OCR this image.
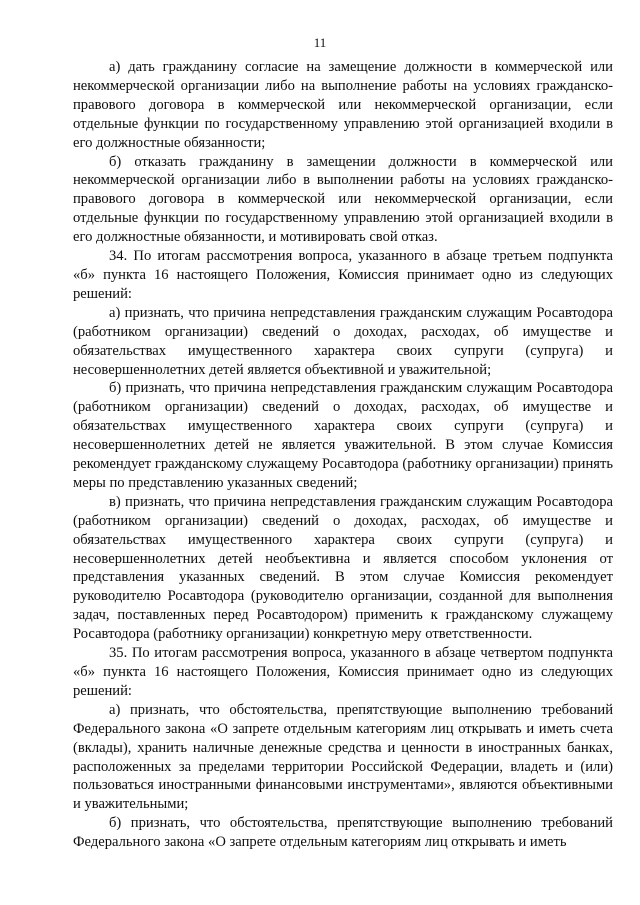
11

а) дать гражданину согласие на замещение должности в коммерческой или некоммерческой организации либо на выполнение работы на условиях гражданско-правового договора в коммерческой или некоммерческой организации, если отдельные функции по государственному управлению этой организацией входили в его должностные обязанности;

б) отказать гражданину в замещении должности в коммерческой или некоммерческой организации либо в выполнении работы на условиях гражданско-правового договора в коммерческой или некоммерческой организации, если отдельные функции по государственному управлению этой организацией входили в его должностные обязанности, и мотивировать свой отказ.

34. По итогам рассмотрения вопроса, указанного в абзаце третьем подпункта «б» пункта 16 настоящего Положения, Комиссия принимает одно из следующих решений:

а) признать, что причина непредставления гражданским служащим Росавтодора (работником организации) сведений о доходах, расходах, об имуществе и обязательствах имущественного характера своих супруги (супруга) и несовершеннолетних детей является объективной и уважительной;

б) признать, что причина непредставления гражданским служащим Росавтодора (работником организации) сведений о доходах, расходах, об имуществе и обязательствах имущественного характера своих супруги (супруга) и несовершеннолетних детей не является уважительной. В этом случае Комиссия рекомендует гражданскому служащему Росавтодора (работнику организации) принять меры по представлению указанных сведений;

в) признать, что причина непредставления гражданским служащим Росавтодора (работником организации) сведений о доходах, расходах, об имуществе и обязательствах имущественного характера своих супруги (супруга) и несовершеннолетних детей необъективна и является способом уклонения от представления указанных сведений. В этом случае Комиссия рекомендует руководителю Росавтодора (руководителю организации, созданной для выполнения задач, поставленных перед Росавтодором) применить к гражданскому служащему Росавтодора (работнику организации) конкретную меру ответственности.

35. По итогам рассмотрения вопроса, указанного в абзаце четвертом подпункта «б» пункта 16 настоящего Положения, Комиссия принимает одно из следующих решений:

а) признать, что обстоятельства, препятствующие выполнению требований Федерального закона «О запрете отдельным категориям лиц открывать и иметь счета (вклады), хранить наличные денежные средства и ценности в иностранных банках, расположенных за пределами территории Российской Федерации, владеть и (или) пользоваться иностранными финансовыми инструментами», являются объективными и уважительными;

б) признать, что обстоятельства, препятствующие выполнению требований Федерального закона «О запрете отдельным категориям лиц открывать и иметь
